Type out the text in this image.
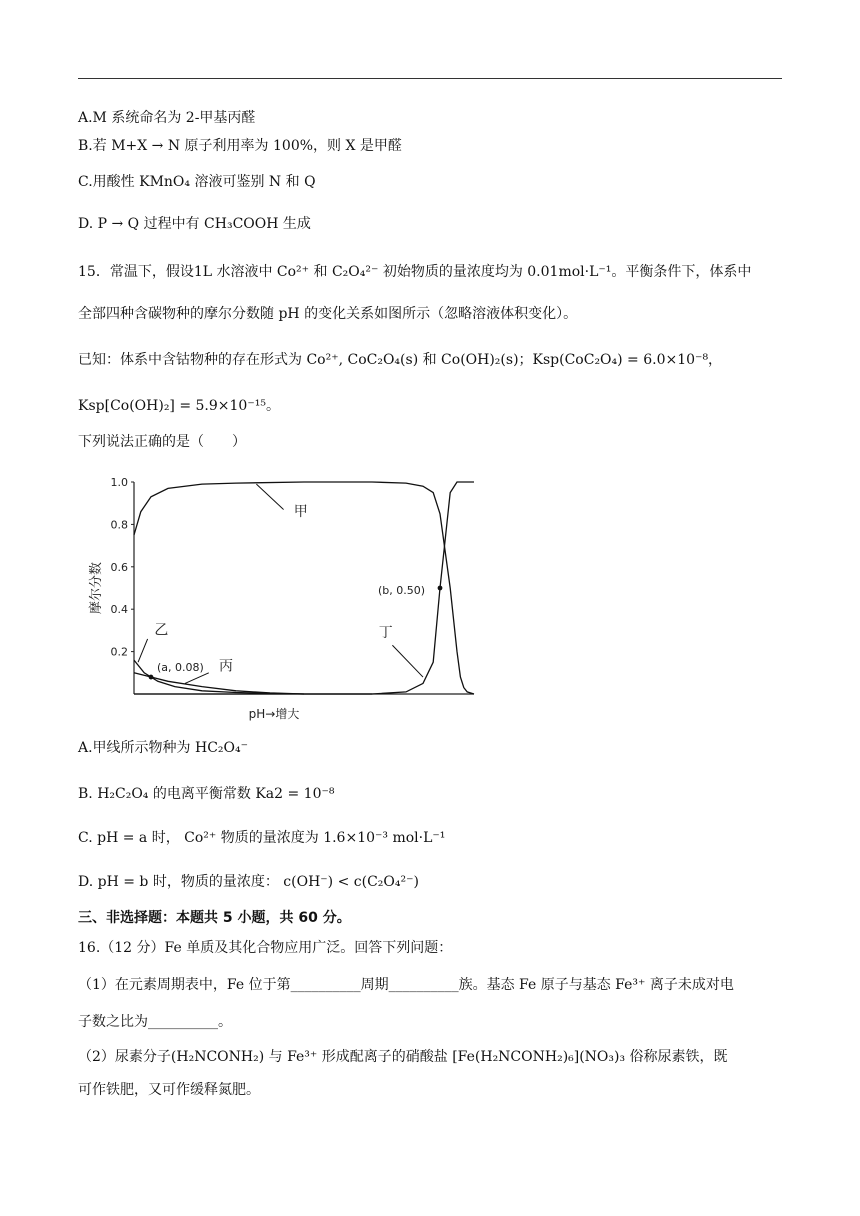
A.M 系统命名为 2-甲基丙醛
B.若 M+X → N 原子利用率为 100%，则 X 是甲醛
C.用酸性 KMnO₄ 溶液可鉴别 N 和 Q
D. P → Q 过程中有 CH₃COOH 生成
15．常温下，假设1L 水溶液中 Co²⁺ 和 C₂O₄²⁻ 初始物质的量浓度均为 0.01mol·L⁻¹。平衡条件下，体系中
全部四种含碳物种的摩尔分数随 pH 的变化关系如图所示（忽略溶液体积变化）。
已知：体系中含钴物种的存在形式为 Co²⁺, CoC₂O₄(s) 和 Co(OH)₂(s)；Ksp(CoC₂O₄) = 6.0×10⁻⁸，
Ksp[Co(OH)₂] = 5.9×10⁻¹⁵。
下列说法正确的是（　　）
1.0
0.8
0.6
0.4
0.2
甲
乙
丙
丁
(a, 0.08)
(b, 0.50)
摩尔分数
pH→增大
A.甲线所示物种为 HC₂O₄⁻
B. H₂C₂O₄ 的电离平衡常数 Ka2 = 10⁻⁸
C. pH = a 时， Co²⁺ 物质的量浓度为 1.6×10⁻³ mol·L⁻¹
D. pH = b 时，物质的量浓度： c(OH⁻) < c(C₂O₄²⁻)
三、非选择题：本题共 5 小题，共 60 分。
16.（12 分）Fe 单质及其化合物应用广泛。回答下列问题：
（1）在元素周期表中，Fe 位于第__________周期__________族。基态 Fe 原子与基态 Fe³⁺ 离子未成对电
子数之比为__________。
（2）尿素分子(H₂NCONH₂) 与 Fe³⁺ 形成配离子的硝酸盐 [Fe(H₂NCONH₂)₆](NO₃)₃ 俗称尿素铁，既
可作铁肥，又可作缓释氮肥。
